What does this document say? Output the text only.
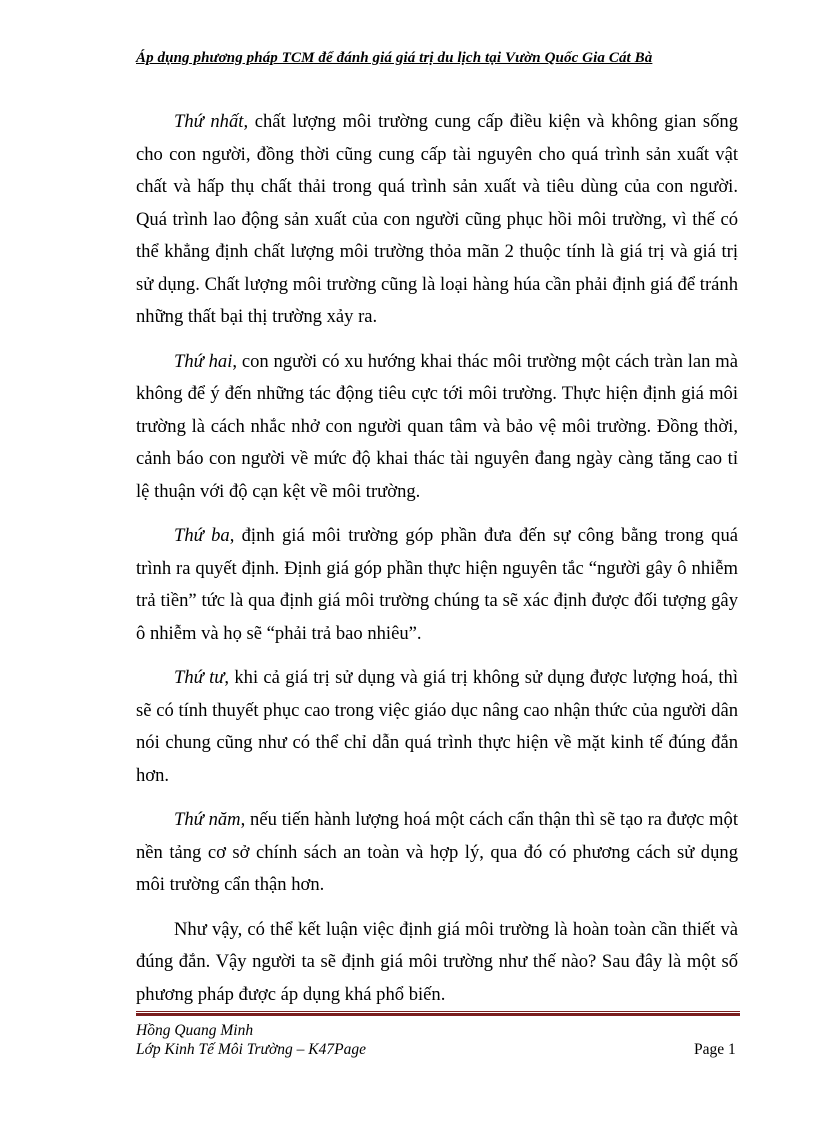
Áp dụng phương pháp TCM để đánh giá giá trị du lịch tại Vườn Quốc Gia Cát Bà

Thứ nhất, chất lượng môi trường cung cấp điều kiện và không gian sống cho con người, đồng thời cũng cung cấp tài nguyên cho quá trình sản xuất vật chất và hấp thụ chất thải trong quá trình sản xuất và tiêu dùng của con người. Quá trình lao động sản xuất của con người cũng phục hồi môi trường, vì thế có thể khẳng định chất lượng môi trường thỏa mãn 2 thuộc tính là giá trị và giá trị sử dụng. Chất lượng môi trường cũng là loại hàng húa cần phải định giá để tránh những thất bại thị trường xảy ra.

Thứ hai, con người có xu hướng khai thác môi trường một cách tràn lan mà không để ý đến những tác động tiêu cực tới môi trường. Thực hiện định giá môi trường là cách nhắc nhở con người quan tâm và bảo vệ môi trường. Đồng thời, cảnh báo con người về mức độ khai thác tài nguyên đang ngày càng tăng cao tỉ lệ thuận với độ cạn kệt về môi trường.

Thứ ba, định giá môi trường góp phần đưa đến sự công bằng trong quá trình ra quyết định. Định giá góp phần thực hiện nguyên tắc “người gây ô nhiễm trả tiền” tức là qua định giá môi trường chúng ta sẽ xác định được đối tượng gây ô nhiễm và họ sẽ “phải trả bao nhiêu”.

Thứ tư, khi cả giá trị sử dụng và giá trị không sử dụng được lượng hoá, thì sẽ có tính thuyết phục cao trong việc giáo dục nâng cao nhận thức của người dân nói chung cũng như có thể chỉ dẫn quá trình thực hiện về mặt kinh tế đúng đắn hơn.

Thứ năm, nếu tiến hành lượng hoá một cách cẩn thận thì sẽ tạo ra được một nền tảng cơ sở chính sách an toàn và hợp lý, qua đó có phương cách sử dụng môi trường cẩn thận hơn.

Như vậy, có thể kết luận việc định giá môi trường là hoàn toàn cần thiết và đúng đắn. Vậy người ta sẽ định giá môi trường như thế nào? Sau đây là một số phương pháp được áp dụng khá phổ biến.

Hồng Quang Minh
Lớp Kinh Tế Môi Trường – K47Page	Page 1
